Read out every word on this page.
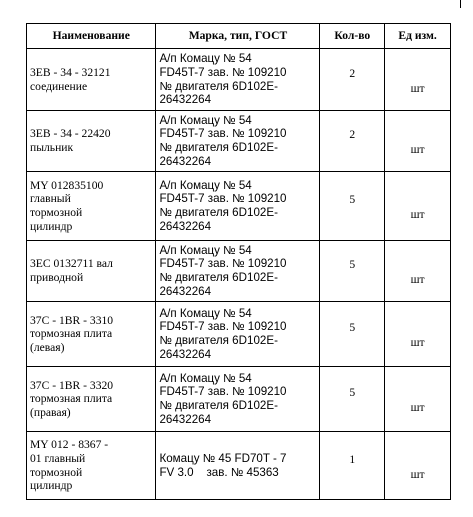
Наименование	Марка, тип, ГОСТ	Кол-во	Ед изм.

3EB - 34 - 32121
соединение	А/п Комацу № 54
FD45T-7 зав. № 109210
№ двигателя 6D102E-
26432264	2	шт

3EB - 34 - 22420
пыльник	А/п Комацу № 54
FD45T-7 зав. № 109210
№ двигателя 6D102E-
26432264	2	шт

MY 012835100
главный
тормозной
цилиндр	А/п Комацу № 54
FD45T-7 зав. № 109210
№ двигателя 6D102E-
26432264	5	шт

3EC 0132711 вал
приводной	А/п Комацу № 54
FD45T-7 зав. № 109210
№ двигателя 6D102E-
26432264	5	шт

37C - 1BR - 3310
тормозная плита
(левая)	А/п Комацу № 54
FD45T-7 зав. № 109210
№ двигателя 6D102E-
26432264	5	шт

37C - 1BR - 3320
тормозная плита
(правая)	А/п Комацу № 54
FD45T-7 зав. № 109210
№ двигателя 6D102E-
26432264	5	шт

MY 012 - 8367 -
01 главный
тормозной
цилиндр	Комацу № 45 FD70T - 7
FV 3.0    зав. № 45363	1	шт
